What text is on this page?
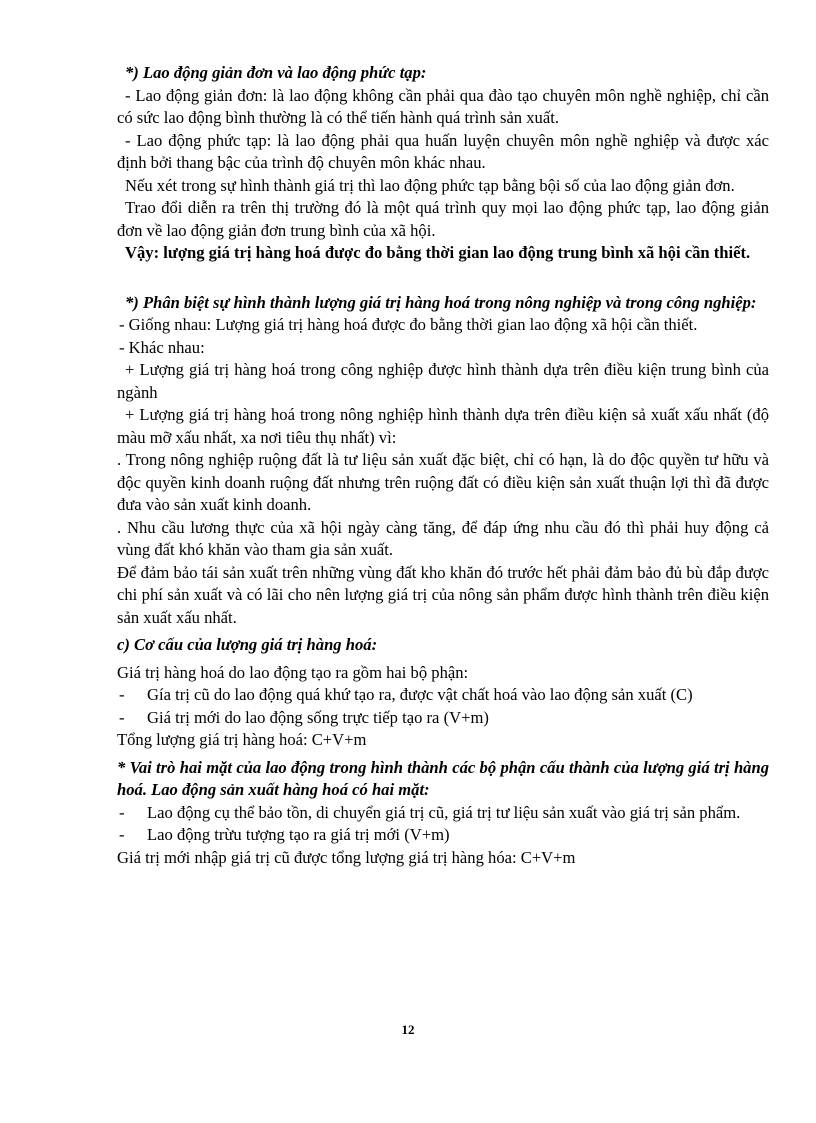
*) Lao động giản đơn và lao động phức tạp:

- Lao động giản đơn: là lao động không cần phải qua đào tạo chuyên môn nghề nghiệp, chỉ cần có sức lao động bình thường là có thể tiến hành quá trình sản xuất.

- Lao động phức tạp: là lao động phải qua huấn luyện chuyên môn nghề nghiệp và được xác định bởi thang bậc của trình độ chuyên môn khác nhau.

Nếu xét trong sự hình thành giá trị thì lao động phức tạp bằng bội số của lao động giản đơn.

Trao đổi diễn ra trên thị trường đó là một quá trình quy mọi lao động phức tạp, lao động giản đơn về lao động giản đơn trung bình của xã hội.

Vậy: lượng giá trị hàng hoá được đo bằng thời gian lao động trung bình xã hội cần thiết.

*) Phân biệt sự hình thành lượng giá trị hàng hoá trong nông nghiệp và trong công nghiệp:

- Giống nhau: Lượng giá trị hàng hoá được đo bằng thời gian lao động xã hội cần thiết.

- Khác nhau:

+ Lượng giá trị hàng hoá trong công nghiệp được hình thành dựa trên điều kiện trung bình của ngành

+ Lượng giá trị hàng hoá trong nông nghiệp hình thành dựa trên điều kiện sả xuất xấu nhất (độ màu mỡ xấu nhất, xa nơi tiêu thụ nhất) vì:

. Trong nông nghiệp ruộng đất là tư liệu sản xuất đặc biệt, chỉ có hạn, là do độc quyền tư hữu và độc quyền kinh doanh ruộng đất nhưng trên ruộng đất có điều kiện sản xuất thuận lợi thì đã được đưa vào sản xuất kinh doanh.

. Nhu cầu lương thực của xã hội ngày càng tăng, để đáp ứng nhu cầu đó thì phải huy động cả vùng đất khó khăn vào tham gia sản xuất.

Để đảm bảo tái sản xuất trên những vùng đất kho khăn đó trước hết phải đảm bảo đủ bù đắp được chi phí sản xuất và có lãi cho nên lượng giá trị của nông sản phẩm được hình thành trên điều kiện sản xuất xấu nhất.

c) Cơ cấu của lượng giá trị hàng hoá:

Giá trị hàng hoá do lao động tạo ra gồm hai bộ phận:

- Gía trị cũ do lao động quá khứ tạo ra, được vật chất hoá vào lao động sản xuất (C)
- Giá trị mới do lao động sống trực tiếp tạo ra (V+m)

Tổng lượng giá trị hàng hoá: C+V+m

* Vai trò hai mặt của lao động trong hình thành các bộ phận cấu thành của lượng giá trị hàng hoá. Lao động sản xuất hàng hoá có hai mặt:

- Lao động cụ thể bảo tồn, di chuyển giá trị cũ, giá trị tư liệu sản xuất vào giá trị sản phẩm.
- Lao động trừu tượng tạo ra giá trị mới (V+m)

Giá trị mới nhập giá trị cũ được tổng lượng giá trị hàng hóa: C+V+m

12
